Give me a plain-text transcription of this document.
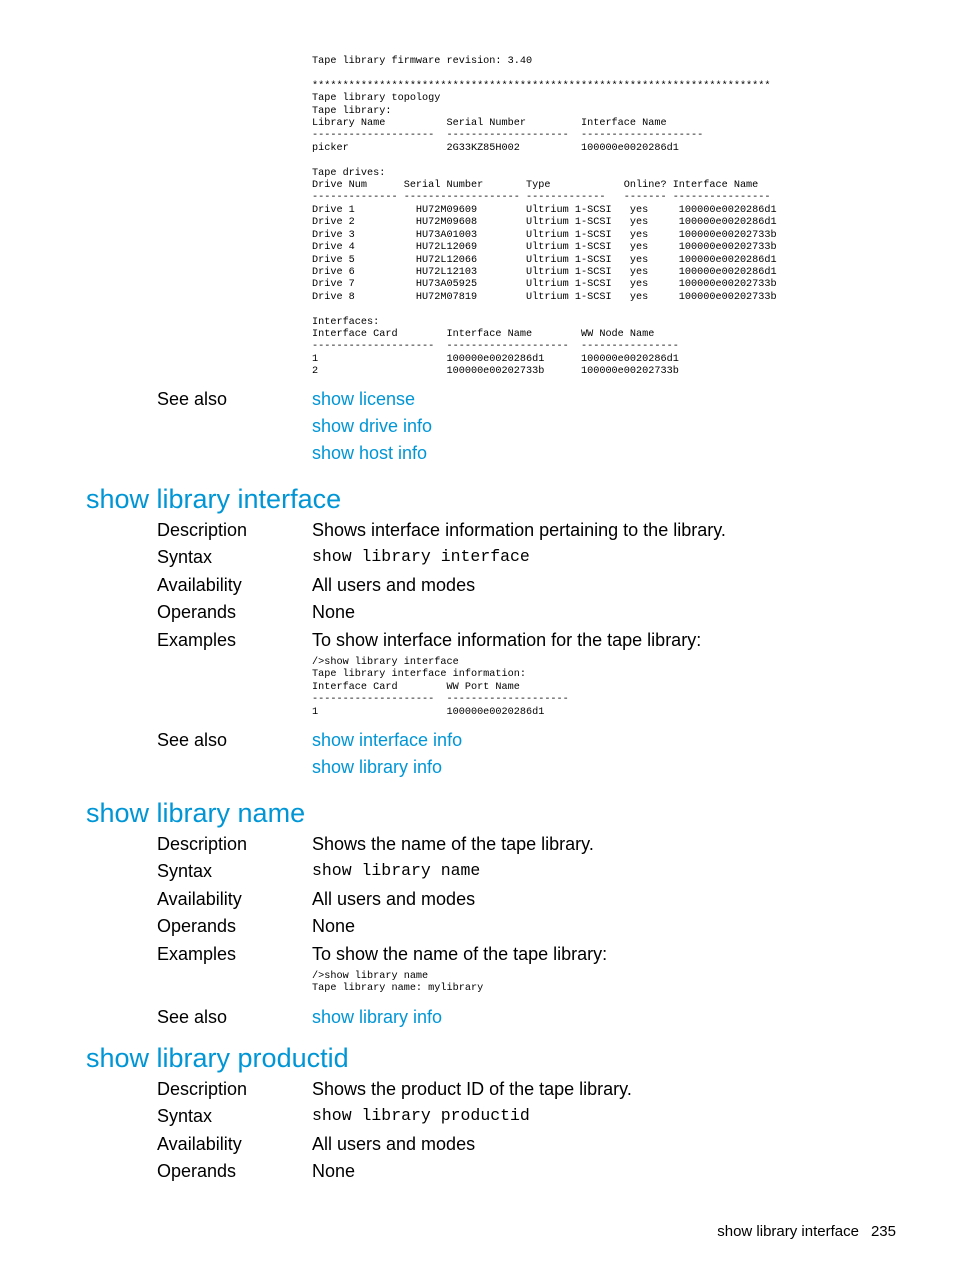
Tape library firmware revision: 3.40

***************************************************************************
Tape library topology
Tape library:
Library Name          Serial Number         Interface Name
--------------------  --------------------  --------------------
picker                2G33KZ85H002          100000e0020286d1

Tape drives:
Drive Num      Serial Number       Type            Online? Interface Name
-------------- ------------------- -------------   ------- ----------------
Drive 1          HU72M09609        Ultrium 1-SCSI   yes     100000e0020286d1
Drive 2          HU72M09608        Ultrium 1-SCSI   yes     100000e0020286d1
Drive 3          HU73A01003        Ultrium 1-SCSI   yes     100000e00202733b
Drive 4          HU72L12069        Ultrium 1-SCSI   yes     100000e00202733b
Drive 5          HU72L12066        Ultrium 1-SCSI   yes     100000e0020286d1
Drive 6          HU72L12103        Ultrium 1-SCSI   yes     100000e0020286d1
Drive 7          HU73A05925        Ultrium 1-SCSI   yes     100000e00202733b
Drive 8          HU72M07819        Ultrium 1-SCSI   yes     100000e00202733b

Interfaces:
Interface Card        Interface Name        WW Node Name
--------------------  --------------------  ----------------
1                     100000e0020286d1      100000e0020286d1
2                     100000e00202733b      100000e00202733b
See also	show license
show drive info
show host info
show library interface
Description	Shows interface information pertaining to the library.
Syntax	show library interface
Availability	All users and modes
Operands	None
Examples	To show interface information for the tape library:
/>show library interface
Tape library interface information:
Interface Card        WW Port Name
--------------------  --------------------
1                     100000e0020286d1
See also	show interface info
show library info
show library name
Description	Shows the name of the tape library.
Syntax	show library name
Availability	All users and modes
Operands	None
Examples	To show the name of the tape library:
/>show library name
Tape library name: mylibrary
See also	show library info
show library productid
Description	Shows the product ID of the tape library.
Syntax	show library productid
Availability	All users and modes
Operands	None
show library interface 235
